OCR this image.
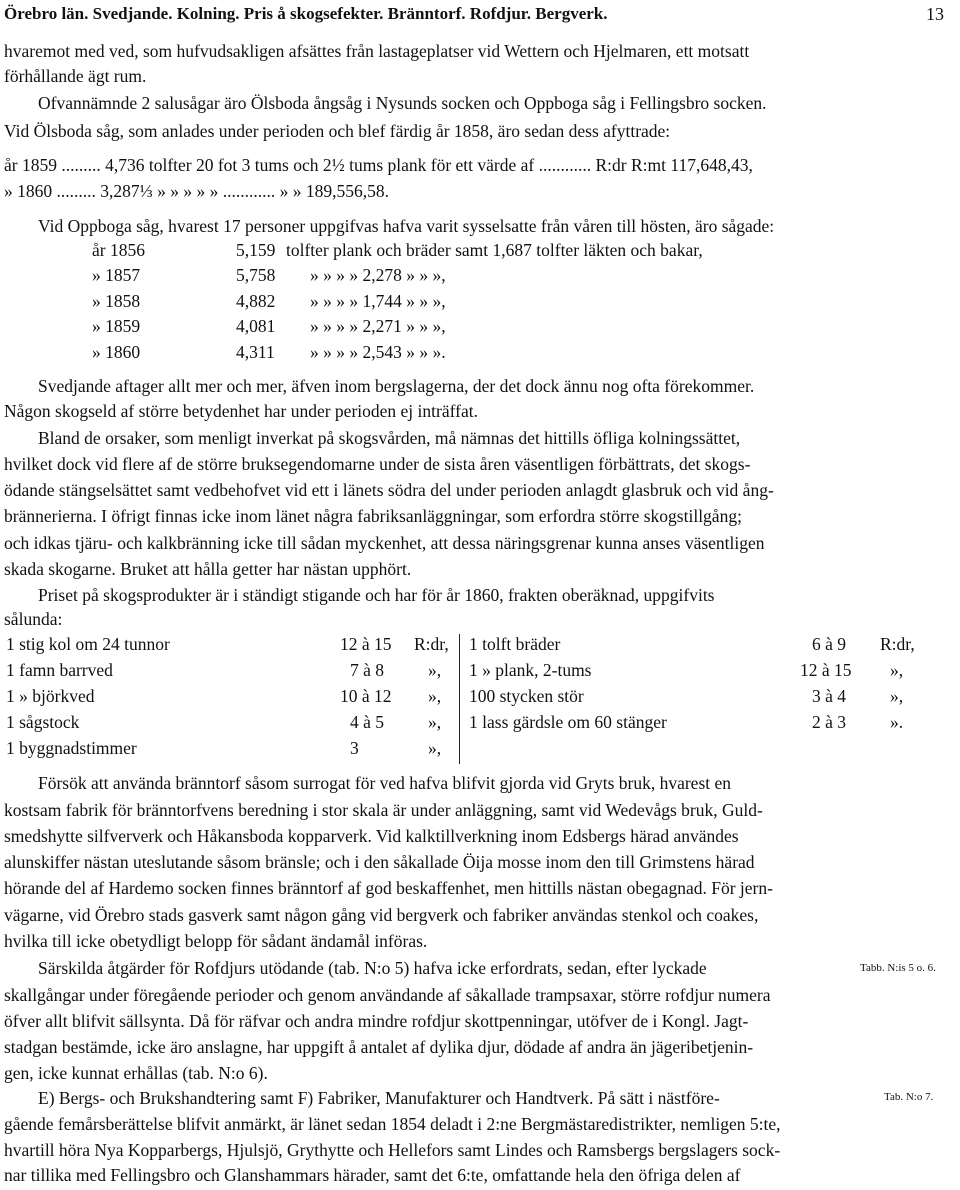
Örebro län. Svedjande. Kolning. Pris å skogsefekter. Bränntorf. Rofdjur. Bergverk.	13
hvaremot med ved, som hufvudsakligen afsättes från lastageplatser vid Wettern och Hjelmaren, ett motsatt
förhållande ägt rum.
Ofvannämnde 2 salusågar äro Ölsboda ångsåg i Nysunds socken och Oppboga såg i Fellingsbro socken.
Vid Ölsboda såg, som anlades under perioden och blef färdig år 1858, äro sedan dess afyttrade:
år 1859 ......... 4,736 tolfter 20 fot 3 tums och 2½ tums plank för ett värde af ............ R:dr R:mt 117,648,43,
» 1860 ......... 3,287⅓ » » » » » ............ » » 189,556,58.
Vid Oppboga såg, hvarest 17 personer uppgifvas hafva varit sysselsatte från våren till hösten, äro sågade:
år 1856	5,159 tolfter plank och bräder samt 1,687 tolfter läkten och bakar,
» 1857	5,758 » » » » 2,278 » » »,
» 1858	4,882 » » » » 1,744 » » »,
» 1859	4,081 » » » » 2,271 » » »,
» 1860	4,311 » » » » 2,543 » » ».
Svedjande aftager allt mer och mer, äfven inom bergslagerna, der det dock ännu nog ofta förekommer.
Någon skogseld af större betydenhet har under perioden ej inträffat.
Bland de orsaker, som menligt inverkat på skogsvården, må nämnas det hittills öfliga kolningssättet,
hvilket dock vid flere af de större bruksegendomarne under de sista åren väsentligen förbättrats, det skogs-
ödande stängselsättet samt vedbehofvet vid ett i länets södra del under perioden anlagdt glasbruk och vid ång-
brännerierna. I öfrigt finnas icke inom länet några fabriksanläggningar, som erfordra större skogstillgång;
och idkas tjäru- och kalkbränning icke till sådan myckenhet, att dessa näringsgrenar kunna anses väsentligen
skada skogarne. Bruket att hålla getter har nästan upphört.
Priset på skogsprodukter är i ständigt stigande och har för år 1860, frakten oberäknad, uppgifvits
sålunda:
1 stig kol om 24 tunnor	12 à 15 R:dr,
1 famn barrved	7 à 8	»,
1 » björkved	10 à 12 »,
1 sågstock	4 à 5	»,
1 byggnadstimmer	3	»,
1 tolft bräder	6 à 9 R:dr,
1 » plank, 2-tums	12 à 15 »,
100 stycken stör	3 à 4	»,
1 lass gärdsle om 60 stänger	2 à 3	».
Försök att använda bränntorf såsom surrogat för ved hafva blifvit gjorda vid Gryts bruk, hvarest en
kostsam fabrik för bränntorfvens beredning i stor skala är under anläggning, samt vid Wedevågs bruk, Guld-
smedshytte silfververk och Håkansboda kopparverk. Vid kalktillverkning inom Edsbergs härad användes
alunskiffer nästan uteslutande såsom bränsle; och i den såkallade Öija mosse inom den till Grimstens härad
hörande del af Hardemo socken finnes bränntorf af god beskaffenhet, men hittills nästan obegagnad. För jern-
vägarne, vid Örebro stads gasverk samt någon gång vid bergverk och fabriker användas stenkol och coakes,
hvilka till icke obetydligt belopp för sådant ändamål införas.
Särskilda åtgärder för Rofdjurs utödande (tab. N:o 5) hafva icke erfordrats, sedan, efter lyckade	Tabb. N:is 5 o. 6.
skallgångar under föregående perioder och genom användande af såkallade trampsaxar, större rofdjur numera
öfver allt blifvit sällsynta. Då för räfvar och andra mindre rofdjur skottpenningar, utöfver de i Kongl. Jagt-
stadgan bestämde, icke äro anslagne, har uppgift å antalet af dylika djur, dödade af andra än jägeribetjenin-
gen, icke kunnat erhållas (tab. N:o 6).
E) Bergs- och Brukshandtering samt F) Fabriker, Manufakturer och Handtverk. På sätt i nästföre-	Tab. N:o 7.
gående femårsberättelse blifvit anmärkt, är länet sedan 1854 deladt i 2:ne Bergmästaredistrikter, nemligen 5:te,
hvartill höra Nya Kopparbergs, Hjulsjö, Grythytte och Hellefors samt Lindes och Ramsbergs bergslagers sock-
nar tillika med Fellingsbro och Glanshammars härader, samt det 6:te, omfattande hela den öfriga delen af
